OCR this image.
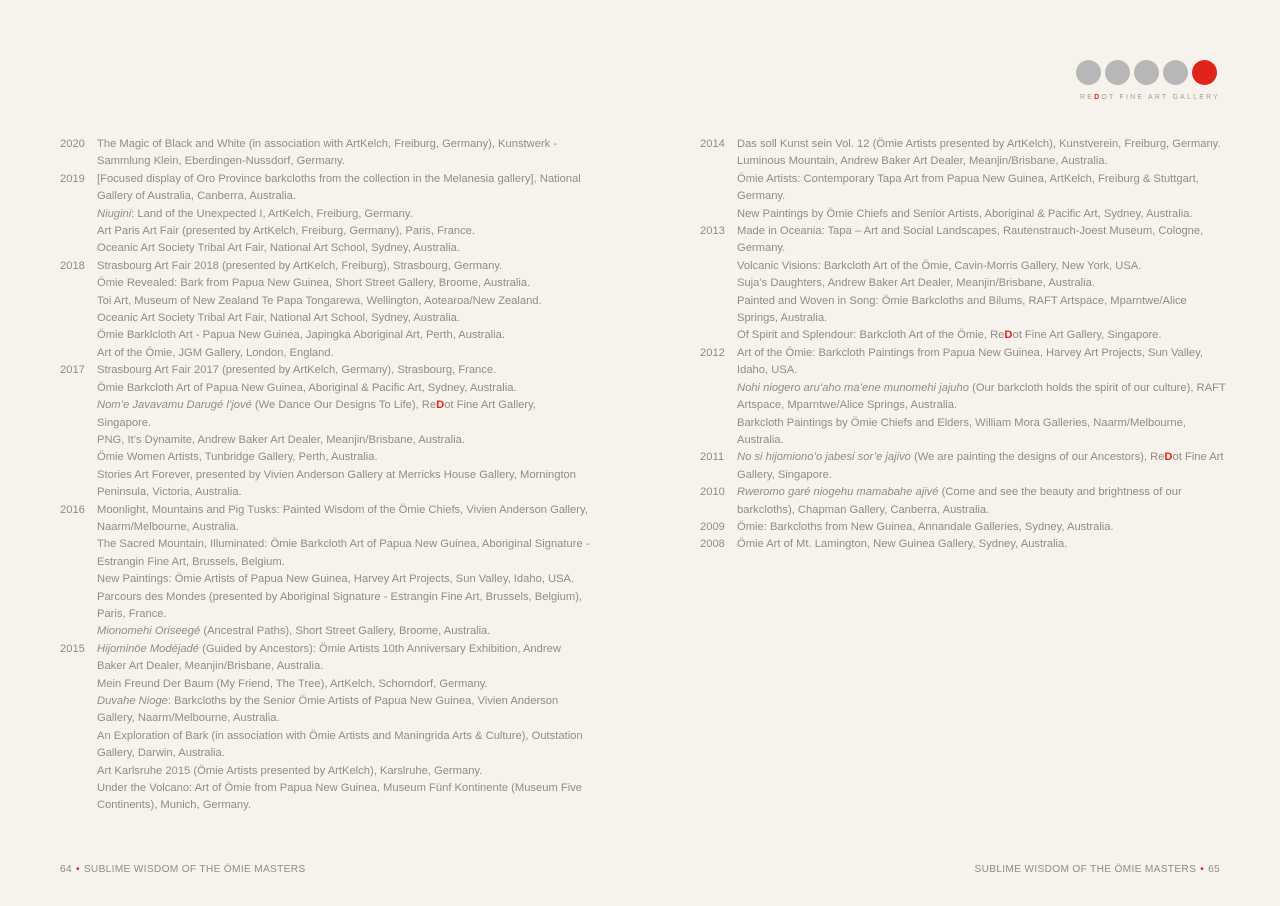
REDOT FINE ART GALLERY
2020	The Magic of Black and White (in association with ArtKelch, Freiburg, Germany), Kunstwerk - Sammlung Klein, Eberdingen-Nussdorf, Germany.
2019	[Focused display of Oro Province barkcloths from the collection in the Melanesia gallery], National Gallery of Australia, Canberra, Australia.
Niugini: Land of the Unexpected I, ArtKelch, Freiburg, Germany.
Art Paris Art Fair (presented by ArtKelch, Freiburg, Germany), Paris, France.
Oceanic Art Society Tribal Art Fair, National Art School, Sydney, Australia.
2018	Strasbourg Art Fair 2018 (presented by ArtKelch, Freiburg), Strasbourg, Germany.
Ömie Revealed: Bark from Papua New Guinea, Short Street Gallery, Broome, Australia.
Toi Art, Museum of New Zealand Te Papa Tongarewa, Wellington, Aotearoa/New Zealand.
Oceanic Art Society Tribal Art Fair, National Art School, Sydney, Australia.
Ömie Barklcloth Art - Papua New Guinea, Japingka Aboriginal Art, Perth, Australia.
Art of the Ömie, JGM Gallery, London, England.
2017	Strasbourg Art Fair 2017 (presented by ArtKelch, Germany), Strasbourg, France.
Ömie Barkcloth Art of Papua New Guinea, Aboriginal & Pacific Art, Sydney, Australia.
Nom’e Javavamu Darugé l’jové (We Dance Our Designs To Life), ReDot Fine Art Gallery, Singapore.
PNG, It’s Dynamite, Andrew Baker Art Dealer, Meanjin/Brisbane, Australia.
Ömie Women Artists, Tunbridge Gallery, Perth, Australia.
Stories Art Forever, presented by Vivien Anderson Gallery at Merricks House Gallery, Mornington Peninsula, Victoria, Australia.
2016	Moonlight, Mountains and Pig Tusks: Painted Wisdom of the Ömie Chiefs, Vivien Anderson Gallery, Naarm/Melbourne, Australia.
The Sacred Mountain, Illuminated: Ömie Barkcloth Art of Papua New Guinea, Aboriginal Signature - Estrangin Fine Art, Brussels, Belgium.
New Paintings: Ömie Artists of Papua New Guinea, Harvey Art Projects, Sun Valley, Idaho, USA.
Parcours des Mondes (presented by Aboriginal Signature - Estrangin Fine Art, Brussels, Belgium), Paris, France.
Mionomehi Oriseegé (Ancestral Paths), Short Street Gallery, Broome, Australia.
2015	Hijominöe Modéjadé (Guided by Ancestors): Ömie Artists 10th Anniversary Exhibition, Andrew Baker Art Dealer, Meanjin/Brisbane, Australia.
Mein Freund Der Baum (My Friend, The Tree), ArtKelch, Schorndorf, Germany.
Duvahe Nioge: Barkcloths by the Senior Ömie Artists of Papua New Guinea, Vivien Anderson Gallery, Naarm/Melbourne, Australia.
An Exploration of Bark (in association with Ömie Artists and Maningrida Arts & Culture), Outstation Gallery, Darwin, Australia.
Art Karlsruhe 2015 (Ömie Artists presented by ArtKelch), Karslruhe, Germany.
Under the Volcano: Art of Ömie from Papua New Guinea, Museum Fünf Kontinente (Museum Five Continents), Munich, Germany.
2014	Das soll Kunst sein Vol. 12 (Ömie Artists presented by ArtKelch), Kunstverein, Freiburg, Germany.
Luminous Mountain, Andrew Baker Art Dealer, Meanjin/Brisbane, Australia.
Ömie Artists: Contemporary Tapa Art from Papua New Guinea, ArtKelch, Freiburg & Stuttgart, Germany.
New Paintings by Ömie Chiefs and Senior Artists, Aboriginal & Pacific Art, Sydney, Australia.
2013	Made in Oceania: Tapa – Art and Social Landscapes, Rautenstrauch-Joest Museum, Cologne, Germany.
Volcanic Visions: Barkcloth Art of the Ömie, Cavin-Morris Gallery, New York, USA.
Suja’s Daughters, Andrew Baker Art Dealer, Meanjin/Brisbane, Australia.
Painted and Woven in Song: Ömie Barkcloths and Bilums, RAFT Artspace, Mparntwe/Alice Springs, Australia.
Of Spirit and Splendour: Barkcloth Art of the Ömie, ReDot Fine Art Gallery, Singapore.
2012	Art of the Ömie: Barkcloth Paintings from Papua New Guinea, Harvey Art Projects, Sun Valley, Idaho, USA.
Nohi niogero aru’aho ma’ene munomehi jajuho (Our barkcloth holds the spirit of our culture), RAFT Artspace, Mparntwe/Alice Springs, Australia.
Barkcloth Paintings by Ömie Chiefs and Elders, William Mora Galleries, Naarm/Melbourne, Australia.
2011	No si hijomiono’o jabesi sor’e jajivo (We are painting the designs of our Ancestors), ReDot Fine Art Gallery, Singapore.
2010	Rweromo garé niogehu mamabahe ajivé (Come and see the beauty and brightness of our barkcloths), Chapman Gallery, Canberra, Australia.
2009	Ömie: Barkcloths from New Guinea, Annandale Galleries, Sydney, Australia.
2008	Ömie Art of Mt. Lamington, New Guinea Gallery, Sydney, Australia.
64 • SUBLIME WISDOM OF THE ÖMIE MASTERS	SUBLIME WISDOM OF THE ÖMIE MASTERS • 65
